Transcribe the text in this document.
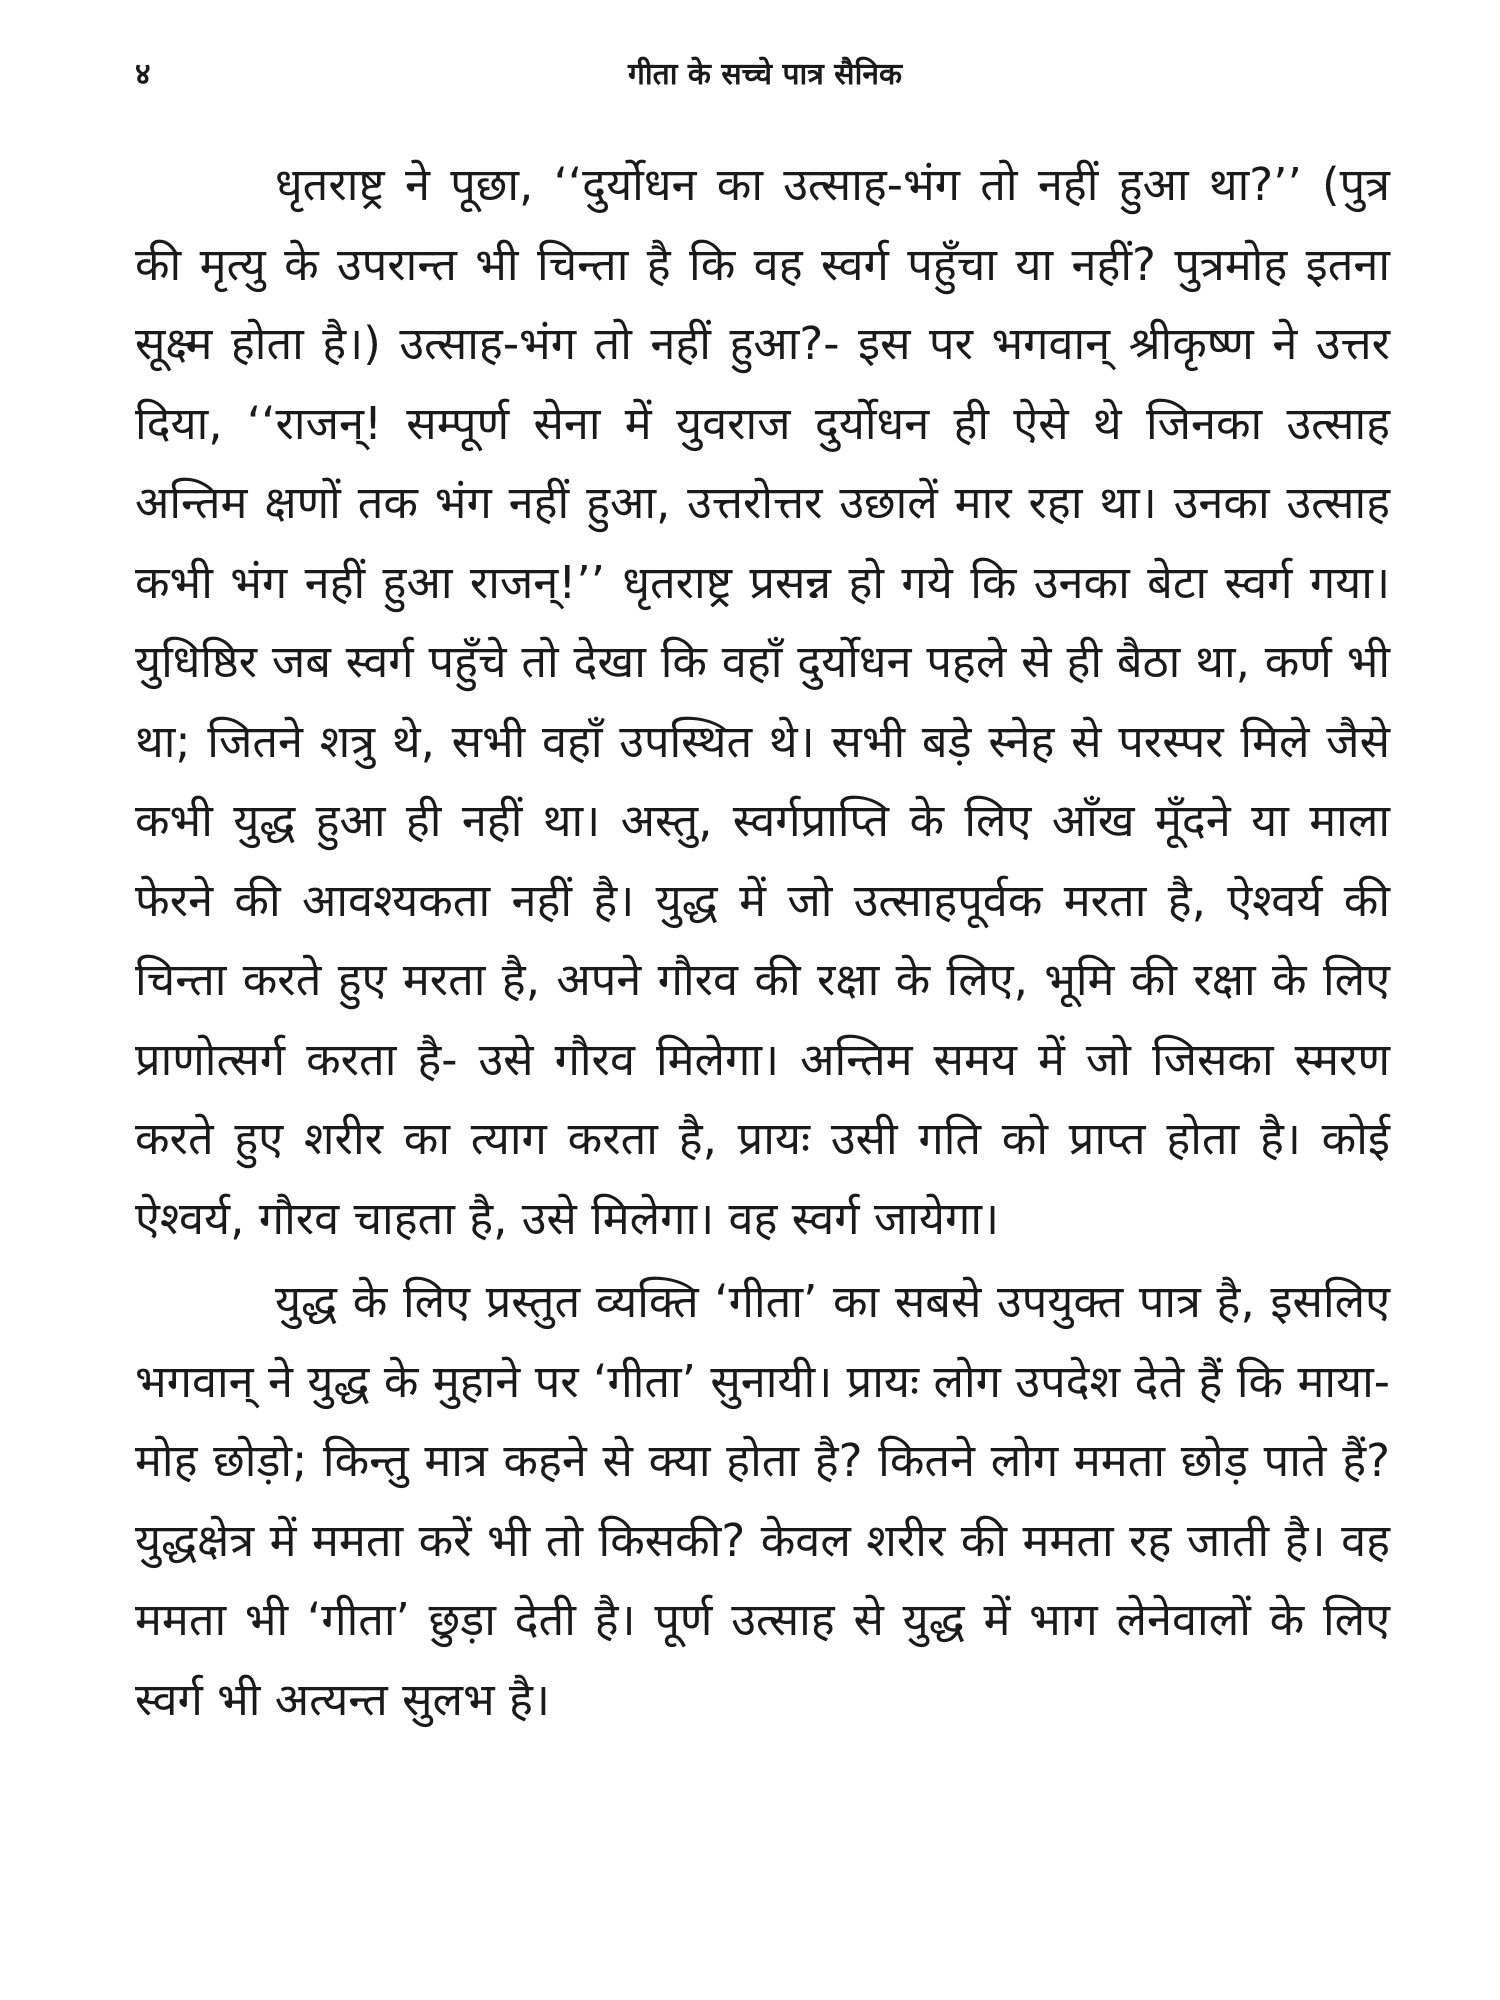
४	गीता के सच्चे पात्र सैनिक

धृतराष्ट्र ने पूछा, ‘‘दुर्योधन का उत्साह-भंग तो नहीं हुआ था?’’ (पुत्र की मृत्यु के उपरान्त भी चिन्ता है कि वह स्वर्ग पहुँचा या नहीं? पुत्रमोह इतना सूक्ष्म होता है।) उत्साह-भंग तो नहीं हुआ?- इस पर भगवान् श्रीकृष्ण ने उत्तर दिया, ‘‘राजन्! सम्पूर्ण सेना में युवराज दुर्योधन ही ऐसे थे जिनका उत्साह अन्तिम क्षणों तक भंग नहीं हुआ, उत्तरोत्तर उछालें मार रहा था। उनका उत्साह कभी भंग नहीं हुआ राजन्!’’ धृतराष्ट्र प्रसन्न हो गये कि उनका बेटा स्वर्ग गया। युधिष्ठिर जब स्वर्ग पहुँचे तो देखा कि वहाँ दुर्योधन पहले से ही बैठा था, कर्ण भी था; जितने शत्रु थे, सभी वहाँ उपस्थित थे। सभी बड़े स्नेह से परस्पर मिले जैसे कभी युद्ध हुआ ही नहीं था। अस्तु, स्वर्गप्राप्ति के लिए आँख मूँदने या माला फेरने की आवश्यकता नहीं है। युद्ध में जो उत्साहपूर्वक मरता है, ऐश्वर्य की चिन्ता करते हुए मरता है, अपने गौरव की रक्षा के लिए, भूमि की रक्षा के लिए प्राणोत्सर्ग करता है- उसे गौरव मिलेगा। अन्तिम समय में जो जिसका स्मरण करते हुए शरीर का त्याग करता है, प्रायः उसी गति को प्राप्त होता है। कोई ऐश्वर्य, गौरव चाहता है, उसे मिलेगा। वह स्वर्ग जायेगा।

युद्ध के लिए प्रस्तुत व्यक्ति ‘गीता’ का सबसे उपयुक्त पात्र है, इसलिए भगवान् ने युद्ध के मुहाने पर ‘गीता’ सुनायी। प्रायः लोग उपदेश देते हैं कि माया-मोह छोड़ो; किन्तु मात्र कहने से क्या होता है? कितने लोग ममता छोड़ पाते हैं? युद्धक्षेत्र में ममता करें भी तो किसकी? केवल शरीर की ममता रह जाती है। वह ममता भी ‘गीता’ छुड़ा देती है। पूर्ण उत्साह से युद्ध में भाग लेनेवालों के लिए स्वर्ग भी अत्यन्त सुलभ है।
